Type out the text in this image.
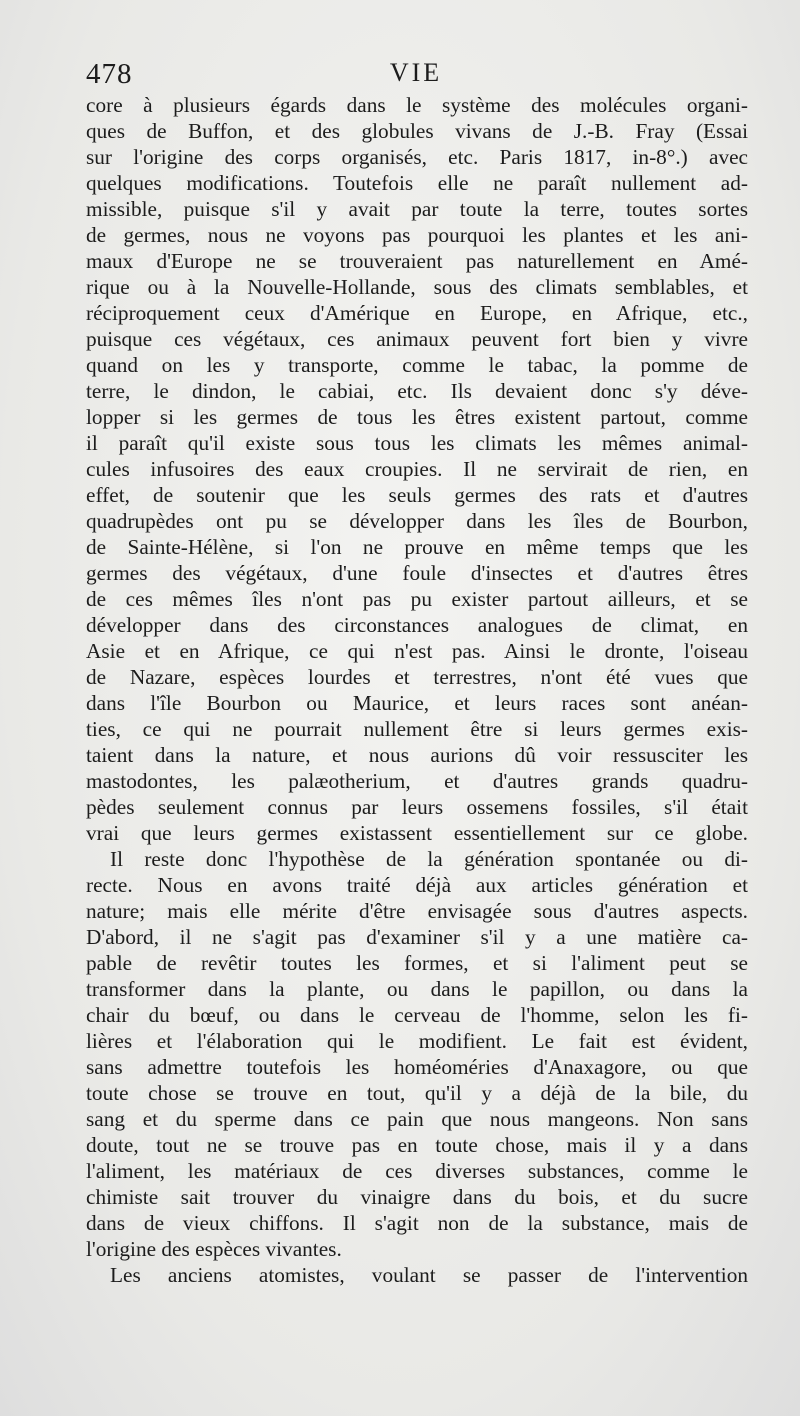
478	VIE
core à plusieurs égards dans le système des molécules organi-
ques de Buffon, et des globules vivans de J.-B. Fray (Essai
sur l'origine des corps organisés, etc. Paris 1817, in-8°.) avec
quelques modifications. Toutefois elle ne paraît nullement ad-
missible, puisque s'il y avait par toute la terre, toutes sortes
de germes, nous ne voyons pas pourquoi les plantes et les ani-
maux d'Europe ne se trouveraient pas naturellement en Amé-
rique ou à la Nouvelle-Hollande, sous des climats semblables, et
réciproquement ceux d'Amérique en Europe, en Afrique, etc.,
puisque ces végétaux, ces animaux peuvent fort bien y vivre
quand on les y transporte, comme le tabac, la pomme de
terre, le dindon, le cabiai, etc. Ils devaient donc s'y déve-
lopper si les germes de tous les êtres existent partout, comme
il paraît qu'il existe sous tous les climats les mêmes animal-
cules infusoires des eaux croupies. Il ne servirait de rien, en
effet, de soutenir que les seuls germes des rats et d'autres
quadrupèdes ont pu se développer dans les îles de Bourbon,
de Sainte-Hélène, si l'on ne prouve en même temps que les
germes des végétaux, d'une foule d'insectes et d'autres êtres
de ces mêmes îles n'ont pas pu exister partout ailleurs, et se
développer dans des circonstances analogues de climat, en
Asie et en Afrique, ce qui n'est pas. Ainsi le dronte, l'oiseau
de Nazare, espèces lourdes et terrestres, n'ont été vues que
dans l'île Bourbon ou Maurice, et leurs races sont anéan-
ties, ce qui ne pourrait nullement être si leurs germes exis-
taient dans la nature, et nous aurions dû voir ressusciter les
mastodontes, les palæotherium, et d'autres grands quadru-
pèdes seulement connus par leurs ossemens fossiles, s'il était
vrai que leurs germes existassent essentiellement sur ce globe.
Il reste donc l'hypothèse de la génération spontanée ou di-
recte. Nous en avons traité déjà aux articles génération et
nature; mais elle mérite d'être envisagée sous d'autres aspects.
D'abord, il ne s'agit pas d'examiner s'il y a une matière ca-
pable de revêtir toutes les formes, et si l'aliment peut se
transformer dans la plante, ou dans le papillon, ou dans la
chair du bœuf, ou dans le cerveau de l'homme, selon les fi-
lières et l'élaboration qui le modifient. Le fait est évident,
sans admettre toutefois les homéoméries d'Anaxagore, ou que
toute chose se trouve en tout, qu'il y a déjà de la bile, du
sang et du sperme dans ce pain que nous mangeons. Non sans
doute, tout ne se trouve pas en toute chose, mais il y a dans
l'aliment, les matériaux de ces diverses substances, comme le
chimiste sait trouver du vinaigre dans du bois, et du sucre
dans de vieux chiffons. Il s'agit non de la substance, mais de
l'origine des espèces vivantes.
Les anciens atomistes, voulant se passer de l'intervention
